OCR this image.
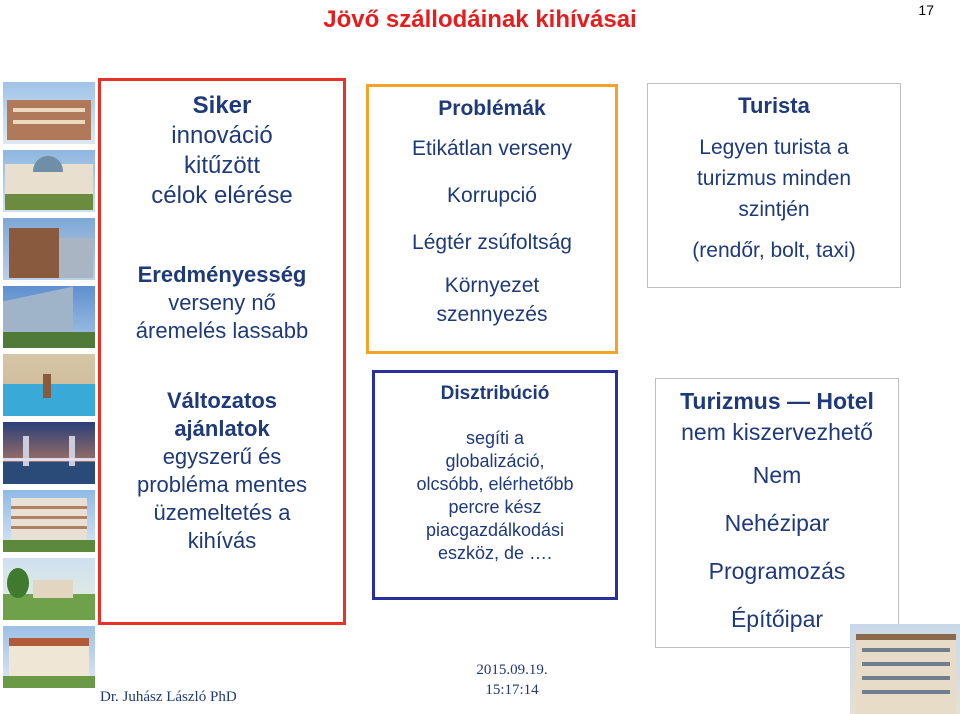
Jövő szállodáinak kihívásai	17
Siker
innováció
kitűzött
célok elérése
Eredményesség
verseny nő
áremelés lassabb
Változatos
ajánlatok
egyszerű és
probléma mentes
üzemeltetés a
kihívás
Problémák
Etikátlan verseny
Korrupció
Légtér zsúfoltság
Környezet
szennyezés
Disztribúció
segíti a
globalizáció,
olcsóbb, elérhetőbb
percre kész
piacgazdálkodási
eszköz, de ….
Turista
Legyen turista a
turizmus minden
szintjén
(rendőr, bolt, taxi)
Turizmus — Hotel
nem kiszervezhető
Nem
Nehézipar
Programozás
Építőipar
Dr. Juhász László PhD
2015.09.19.
15:17:14
